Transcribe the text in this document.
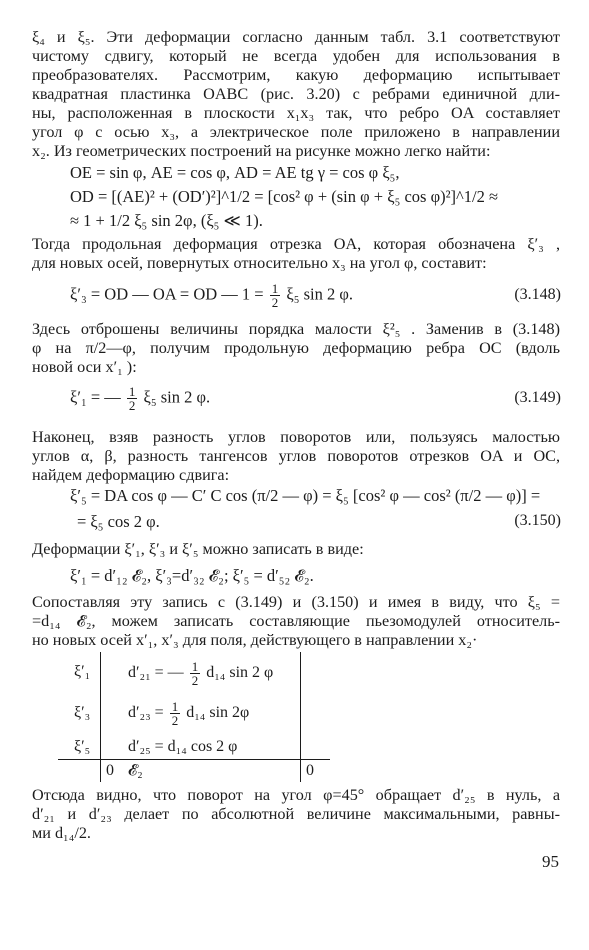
ξ₄ и ξ₅. Эти деформации согласно данным табл. 3.1 соответствуют
чистому сдвигу, который не всегда удобен для использования в
преобразователях. Рассмотрим, какую деформацию испытывает
квадратная пластинка OABC (рис. 3.20) с ребрами единичной дли-
ны, расположенная в плоскости x₁x₃ так, что ребро OA составляет
угол φ с осью x₃, а электрическое поле приложено в направлении
x₂. Из геометрических построений на рисунке можно легко найти:

OE = sin φ, AE = cos φ, AD = AE tg γ = cos φ ξ₅,
OD = [(AE)² + (OD′)²]^1/2 = [cos² φ + (sin φ + ξ₅ cos φ)²]^1/2 ≈
≈ 1 + 1/2 ξ₅ sin 2φ, (ξ₅ ≪ 1).

Тогда продольная деформация отрезка OA, которая обозначена ξ′₃ ,
для новых осей, повернутых относительно x₃ на угол φ, составит:

ξ′₃ = OD — OA = OD — $1 = \frac{1}{2} \xi_5$ sin 2 φ.	(3.148)

Здесь отброшены величины порядка малости ξ²₅ . Заменив в (3.148)
φ на π/2—φ, получим продольную деформацию ребра OC (вдоль
новой оси x′₁ ):

ξ′₁ = — $\frac{1}{2} \xi_5$ sin 2 φ.	(3.149)

Наконец, взяв разность углов поворотов или, пользуясь малостью
углов α, β, разность тангенсов углов поворотов отрезков OA и OC,
найдем деформацию сдвига:

ξ′₅ = DA cos φ — C′ C cos (π/2 — φ) = ξ₅ [cos² φ — cos² (π/2 — φ)] =
= ξ₅ cos 2 φ.	(3.150)

Деформации ξ′₁, ξ′₃ и ξ′₅ можно записать в виде:

ξ′₁ = d′₁₂ 𝓔₂, ξ′₃=d′₃₂ 𝓔₂; ξ′₅ = d′₅₂ 𝓔₂.

Сопоставляя эту запись с (3.149) и (3.150) и имея в виду, что ξ₅ =
=d₁₄ 𝓔₂, можем записать составляющие пьезомодулей относитель-
но новых осей x′₁, x′₃ для поля, действующего в направлении x₂·

ξ′₁ d′₂₁ = — $\frac{1}{2} d_{14}$ sin 2 φ
ξ′₃ $d'_{23} = \frac{1}{2} d_{14}$ sin 2φ
ξ′₅ d′₂₅ = d₁₄ cos 2 φ
0 𝓔₂	0

Отсюда видно, что поворот на угол φ=45° обращает d′₂₅ в нуль, а
d′₂₁ и d′₂₃ делает по абсолютной величине максимальными, равны-
ми d₁₄/2.

95
